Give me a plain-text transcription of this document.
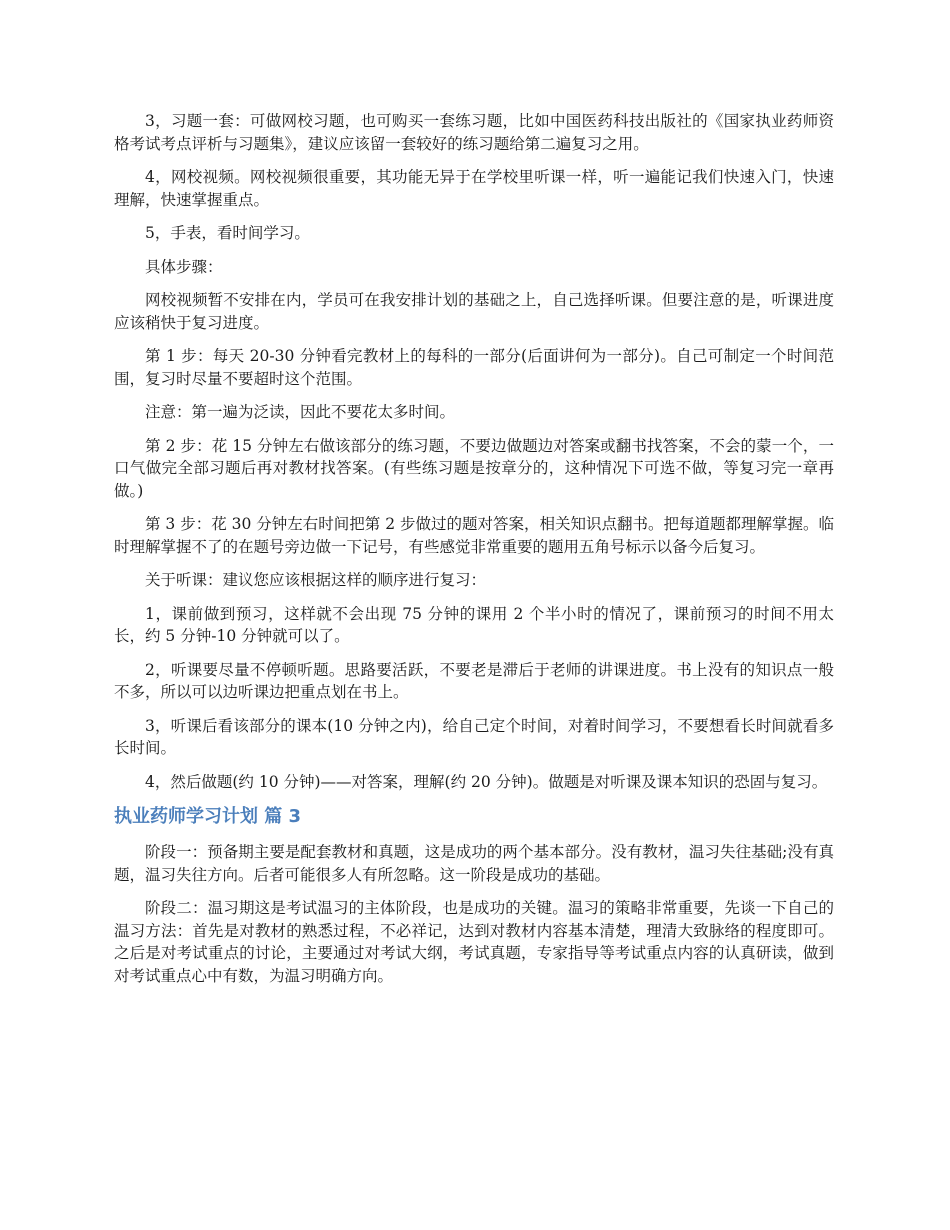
3，习题一套：可做网校习题，也可购买一套练习题，比如中国医药科技出版社的《国家执业药师资格考试考点评析与习题集》，建议应该留一套较好的练习题给第二遍复习之用。

4，网校视频。网校视频很重要，其功能无异于在学校里听课一样，听一遍能记我们快速入门，快速理解，快速掌握重点。

5，手表，看时间学习。

具体步骤：

网校视频暂不安排在内，学员可在我安排计划的基础之上，自己选择听课。但要注意的是，听课进度应该稍快于复习进度。

第 1 步：每天 20-30 分钟看完教材上的每科的一部分(后面讲何为一部分)。自己可制定一个时间范围，复习时尽量不要超时这个范围。

注意：第一遍为泛读，因此不要花太多时间。

第 2 步：花 15 分钟左右做该部分的练习题，不要边做题边对答案或翻书找答案，不会的蒙一个，一口气做完全部习题后再对教材找答案。(有些练习题是按章分的，这种情况下可选不做，等复习完一章再做。)

第 3 步：花 30 分钟左右时间把第 2 步做过的题对答案，相关知识点翻书。把每道题都理解掌握。临时理解掌握不了的在题号旁边做一下记号，有些感觉非常重要的题用五角号标示以备今后复习。

关于听课：建议您应该根据这样的顺序进行复习：

1，课前做到预习，这样就不会出现 75 分钟的课用 2 个半小时的情况了，课前预习的时间不用太长，约 5 分钟-10 分钟就可以了。

2，听课要尽量不停顿听题。思路要活跃，不要老是滞后于老师的讲课进度。书上没有的知识点一般不多，所以可以边听课边把重点划在书上。

3，听课后看该部分的课本(10 分钟之内)，给自己定个时间，对着时间学习，不要想看长时间就看多长时间。

4，然后做题(约 10 分钟)——对答案，理解(约 20 分钟)。做题是对听课及课本知识的恐固与复习。

执业药师学习计划 篇 3

阶段一：预备期主要是配套教材和真题，这是成功的两个基本部分。没有教材，温习失往基础;没有真题，温习失往方向。后者可能很多人有所忽略。这一阶段是成功的基础。

阶段二：温习期这是考试温习的主体阶段，也是成功的关键。温习的策略非常重要，先谈一下自己的温习方法：首先是对教材的熟悉过程，不必祥记，达到对教材内容基本清楚，理清大致脉络的程度即可。之后是对考试重点的讨论，主要通过对考试大纲，考试真题，专家指导等考试重点内容的认真研读，做到对考试重点心中有数，为温习明确方向。
